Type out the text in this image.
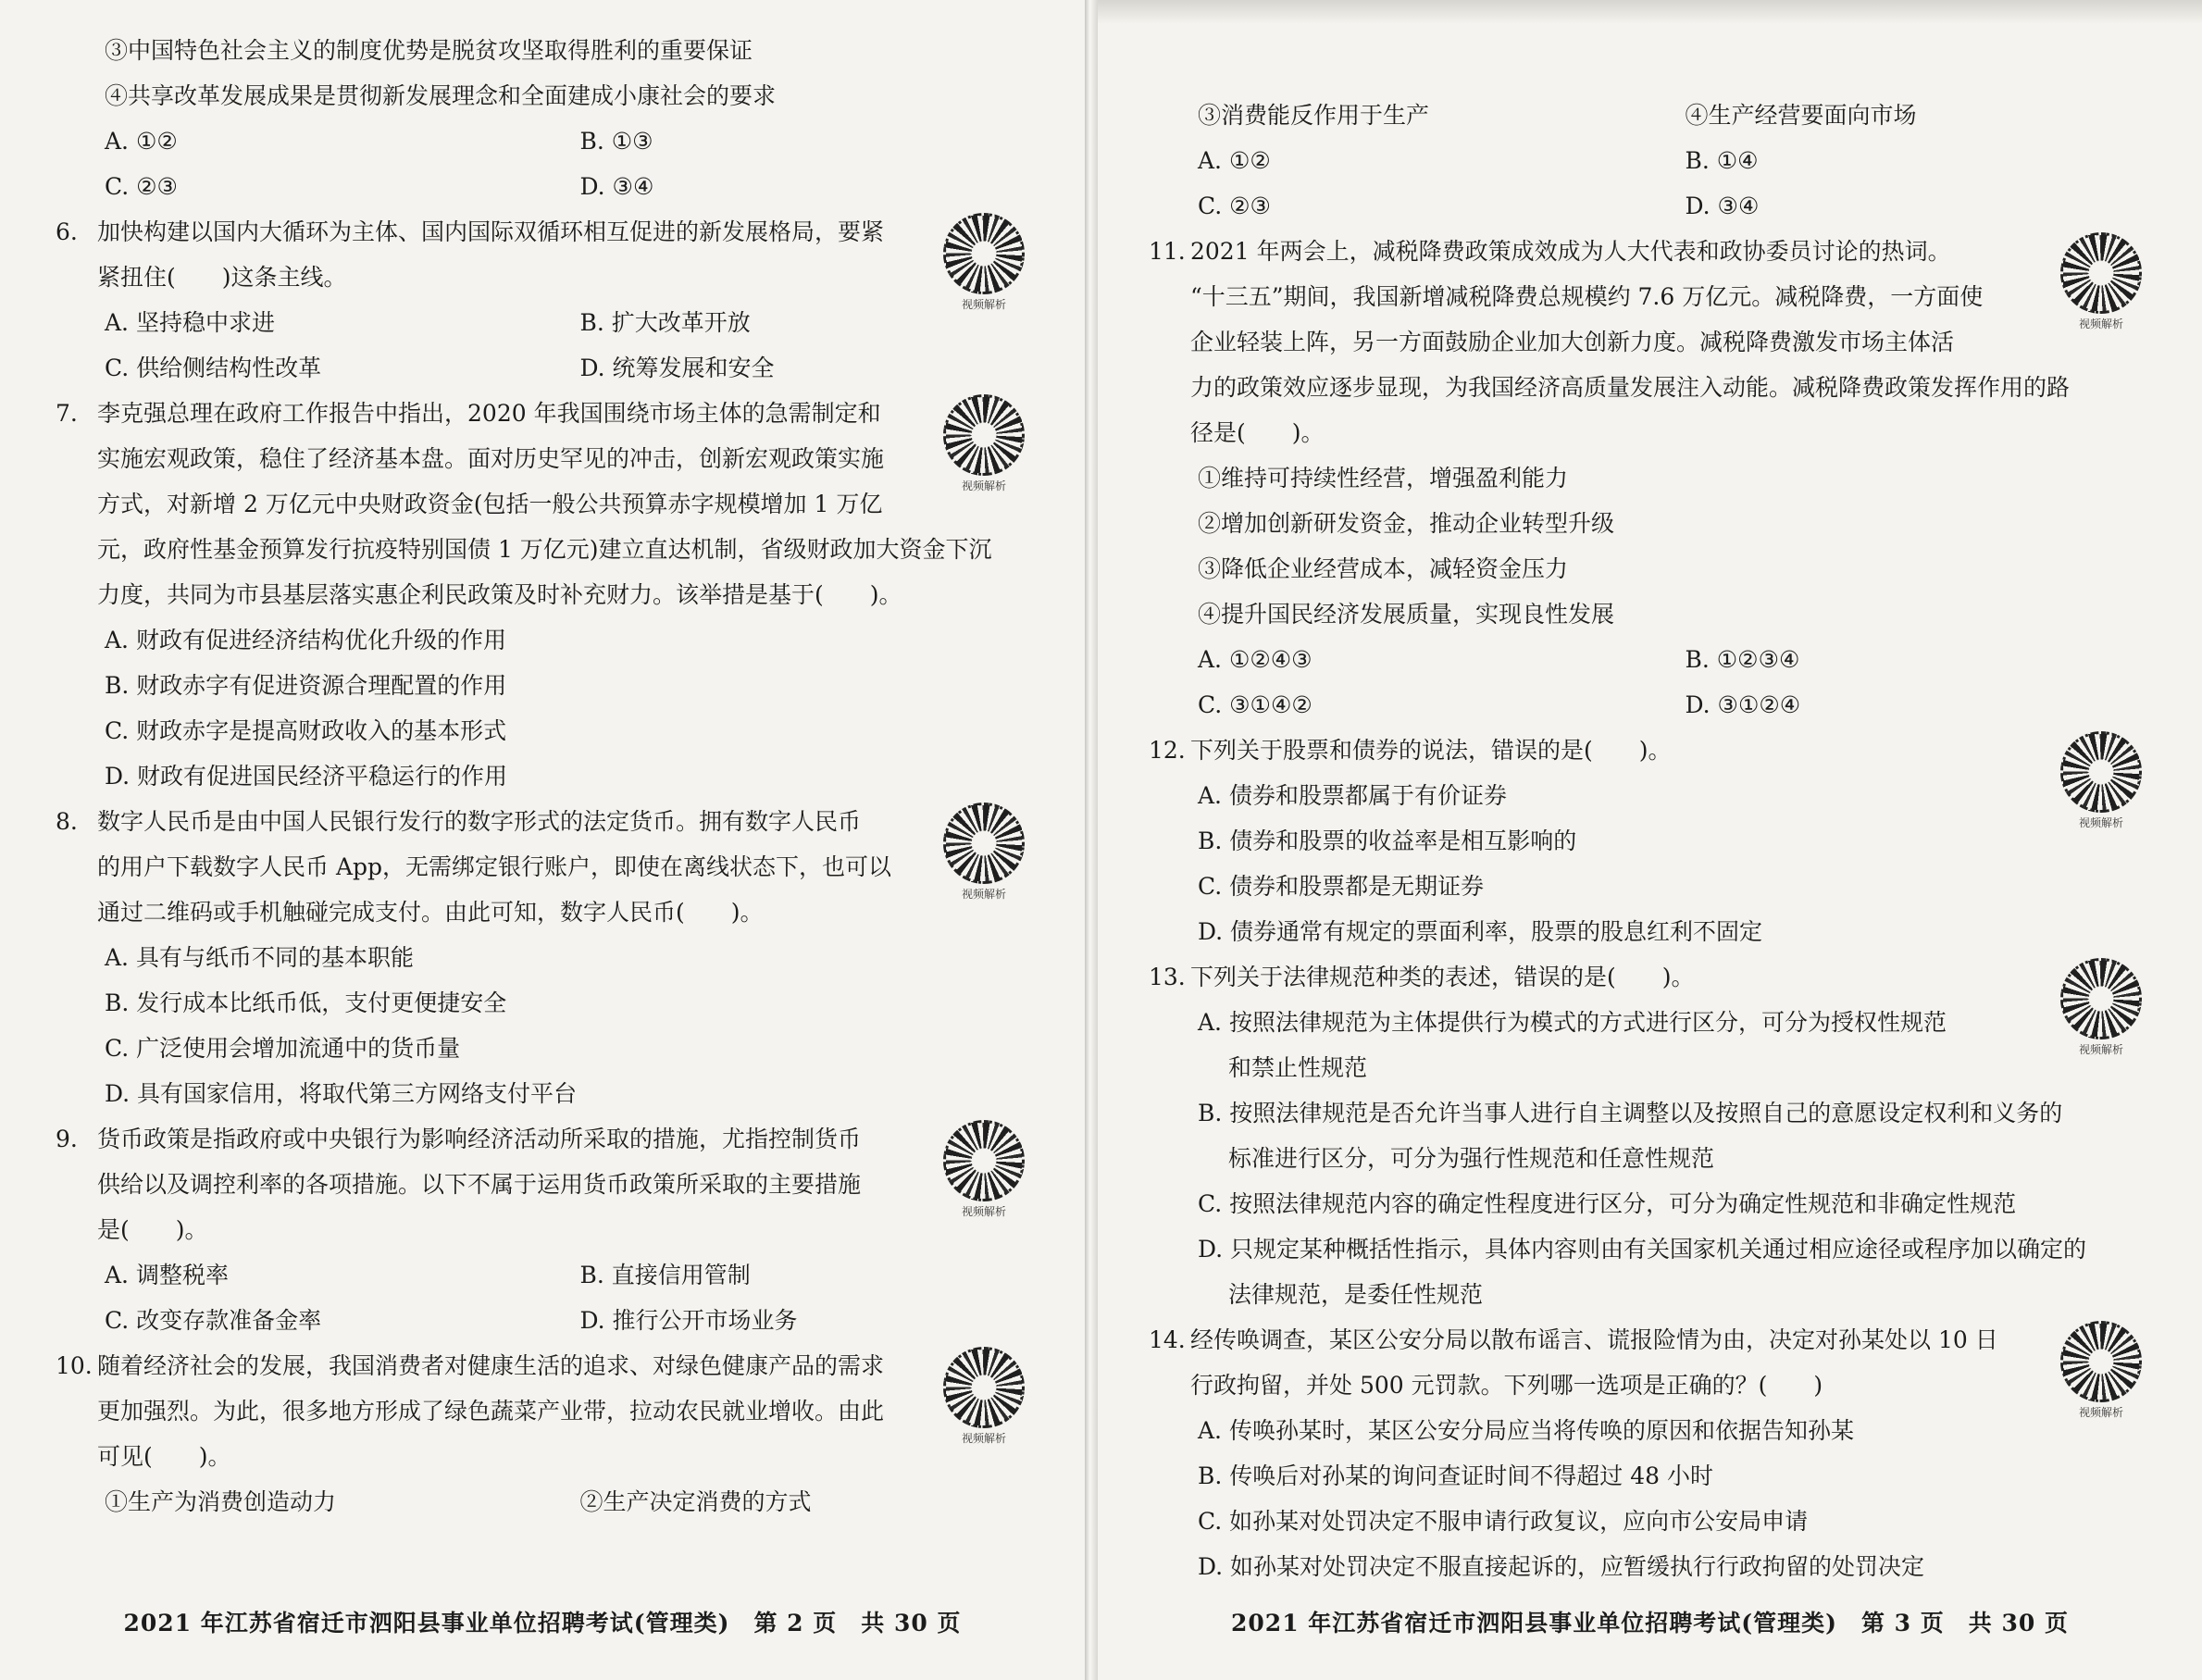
③中国特色社会主义的制度优势是脱贫攻坚取得胜利的重要保证
④共享改革发展成果是贯彻新发展理念和全面建成小康社会的要求
A. ①②	B. ①③
C. ②③	D. ③④
6. 加快构建以国内大循环为主体、国内国际双循环相互促进的新发展格局，要紧
紧扭住(　　)这条主线。
A. 坚持稳中求进	B. 扩大改革开放
C. 供给侧结构性改革	D. 统筹发展和安全
视频解析
7. 李克强总理在政府工作报告中指出，2020 年我国围绕市场主体的急需制定和
实施宏观政策，稳住了经济基本盘。面对历史罕见的冲击，创新宏观政策实施
方式，对新增 2 万亿元中央财政资金(包括一般公共预算赤字规模增加 1 万亿
元，政府性基金预算发行抗疫特别国债 1 万亿元)建立直达机制，省级财政加大资金下沉
力度，共同为市县基层落实惠企利民政策及时补充财力。该举措是基于(　　)。
A. 财政有促进经济结构优化升级的作用
B. 财政赤字有促进资源合理配置的作用
C. 财政赤字是提高财政收入的基本形式
D. 财政有促进国民经济平稳运行的作用
视频解析
8. 数字人民币是由中国人民银行发行的数字形式的法定货币。拥有数字人民币
的用户下载数字人民币 App，无需绑定银行账户，即使在离线状态下，也可以
通过二维码或手机触碰完成支付。由此可知，数字人民币(　　)。
A. 具有与纸币不同的基本职能
B. 发行成本比纸币低，支付更便捷安全
C. 广泛使用会增加流通中的货币量
D. 具有国家信用，将取代第三方网络支付平台
视频解析
9. 货币政策是指政府或中央银行为影响经济活动所采取的措施，尤指控制货币
供给以及调控利率的各项措施。以下不属于运用货币政策所采取的主要措施
是(　　)。
A. 调整税率	B. 直接信用管制
C. 改变存款准备金率	D. 推行公开市场业务
视频解析
10. 随着经济社会的发展，我国消费者对健康生活的追求、对绿色健康产品的需求
更加强烈。为此，很多地方形成了绿色蔬菜产业带，拉动农民就业增收。由此
可见(　　)。
①生产为消费创造动力	②生产决定消费的方式
视频解析
2021 年江苏省宿迁市泗阳县事业单位招聘考试(管理类)　第 2 页　共 30 页
③消费能反作用于生产	④生产经营要面向市场
A. ①②	B. ①④
C. ②③	D. ③④
11. 2021 年两会上，减税降费政策成效成为人大代表和政协委员讨论的热词。
“十三五”期间，我国新增减税降费总规模约 7.6 万亿元。减税降费，一方面使
企业轻装上阵，另一方面鼓励企业加大创新力度。减税降费激发市场主体活
力的政策效应逐步显现，为我国经济高质量发展注入动能。减税降费政策发挥作用的路
径是(　　)。
①维持可持续性经营，增强盈利能力
②增加创新研发资金，推动企业转型升级
③降低企业经营成本，减轻资金压力
④提升国民经济发展质量，实现良性发展
A. ①②④③	B. ①②③④
C. ③①④②	D. ③①②④
视频解析
12. 下列关于股票和债券的说法，错误的是(　　)。
A. 债券和股票都属于有价证券
B. 债券和股票的收益率是相互影响的
C. 债券和股票都是无期证券
D. 债券通常有规定的票面利率，股票的股息红利不固定
视频解析
13. 下列关于法律规范种类的表述，错误的是(　　)。
A. 按照法律规范为主体提供行为模式的方式进行区分，可分为授权性规范
　 和禁止性规范
B. 按照法律规范是否允许当事人进行自主调整以及按照自己的意愿设定权利和义务的
　 标准进行区分，可分为强行性规范和任意性规范
C. 按照法律规范内容的确定性程度进行区分，可分为确定性规范和非确定性规范
D. 只规定某种概括性指示，具体内容则由有关国家机关通过相应途径或程序加以确定的
　 法律规范，是委任性规范
视频解析
14. 经传唤调查，某区公安分局以散布谣言、谎报险情为由，决定对孙某处以 10 日
行政拘留，并处 500 元罚款。下列哪一选项是正确的？(　　)
A. 传唤孙某时，某区公安分局应当将传唤的原因和依据告知孙某
B. 传唤后对孙某的询问查证时间不得超过 48 小时
C. 如孙某对处罚决定不服申请行政复议，应向市公安局申请
D. 如孙某对处罚决定不服直接起诉的，应暂缓执行行政拘留的处罚决定
视频解析
2021 年江苏省宿迁市泗阳县事业单位招聘考试(管理类)　第 3 页　共 30 页
